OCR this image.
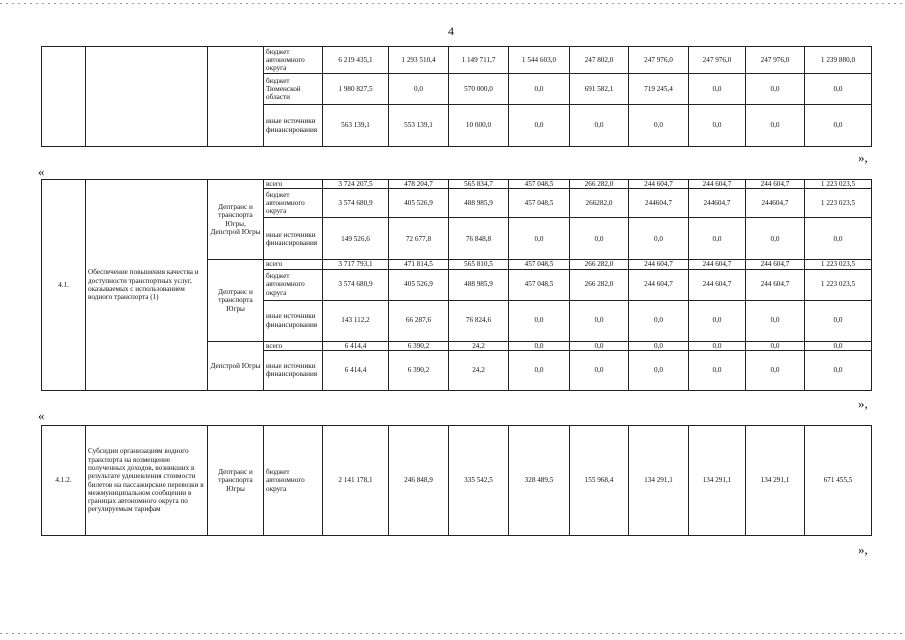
4
			бюджет автономного округа	6 219 435,1	1 293 510,4	1 149 711,7	1 544 603,0	247 802,0	247 976,0	247 976,0	247 976,0	1 239 880,0
			бюджет Тюменской области	1 980 827,5	0,0	570 000,0	0,0	691 582,1	719 245,4	0,0	0,0	0,0
			иные источники финансирования	563 139,1	553 139,1	10 000,0	0,0	0,0	0,0	0,0	0,0	0,0
»,
«
4.1.	Обеспечение повышения качества и доступности транспортных услуг, оказываемых с использованием водного транспорта (1)	Дептранс и транспорта Югры, Депстрой Югры	всего	3 724 207,5	478 204,7	565 834,7	457 048,5	266 282,0	244 604,7	244 604,7	244 604,7	1 223 023,5
			бюджет автономного округа	3 574 680,9	405 526,9	488 985,9	457 048,5	266282,0	244604,7	244604,7	244604,7	1 223 023,5
			иные источники финансирования	149 526,6	72 677,8	76 848,8	0,0	0,0	0,0	0,0	0,0	0,0
		Дептранс и транспорта Югры	всего	3 717 793,1	471 814,5	565 810,5	457 048,5	266 282,0	244 604,7	244 604,7	244 604,7	1 223 023,5
			бюджет автономного округа	3 574 680,9	405 526,9	488 985,9	457 048,5	266 282,0	244 604,7	244 604,7	244 604,7	1 223 023,5
			иные источники финансирования	143 112,2	66 287,6	76 824,6	0,0	0,0	0,0	0,0	0,0	0,0
		Депстрой Югры	всего	6 414,4	6 390,2	24,2	0,0	0,0	0,0	0,0	0,0	0,0
			иные источники финансирования	6 414,4	6 390,2	24,2	0,0	0,0	0,0	0,0	0,0	0,0
»,
«
4.1.2.	Субсидии организациям водного транспорта на возмещение полученных доходов, возникших в результате удешевления стоимости билетов на пассажирские перевозки в межмуниципальном сообщении в границах автономного округа по регулируемым тарифам	Дептранс и транспорта Югры	бюджет автономного округа	2 141 178,1	246 848,9	335 542,5	328 489,5	155 968,4	134 291,1	134 291,1	134 291,1	671 455,5
»,
